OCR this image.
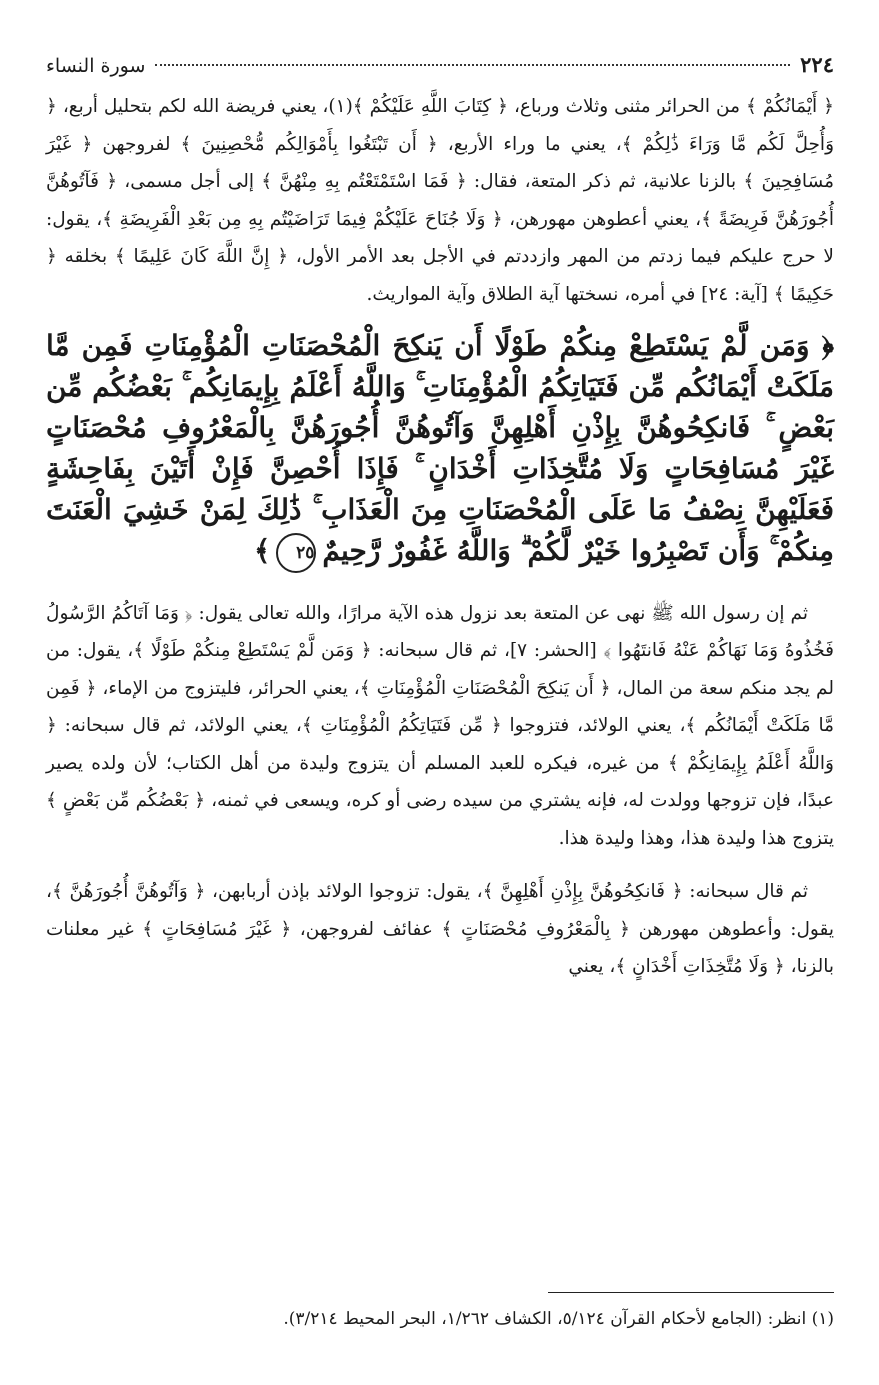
٢٢٤
سورة النساء

﴿ أَيْمَانُكُمْ ﴾ من الحرائر مثنى وثلاث ورباع، ﴿ كِتَابَ اللَّهِ عَلَيْكُمْ ﴾(١)، يعني فريضة الله لكم بتحليل أربع، ﴿ وَأُحِلَّ لَكُم مَّا وَرَاءَ ذَٰلِكُمْ ﴾، يعني ما وراء الأربع، ﴿ أَن تَبْتَغُوا بِأَمْوَالِكُم مُّحْصِنِينَ ﴾ لفروجهن ﴿ غَيْرَ مُسَافِحِينَ ﴾ بالزنا علانية، ثم ذكر المتعة، فقال: ﴿ فَمَا اسْتَمْتَعْتُم بِهِ مِنْهُنَّ ﴾ إلى أجل مسمى، ﴿ فَآتُوهُنَّ أُجُورَهُنَّ فَرِيضَةً ﴾، يعني أعطوهن مهورهن، ﴿ وَلَا جُنَاحَ عَلَيْكُمْ فِيمَا تَرَاضَيْتُم بِهِ مِن بَعْدِ الْفَرِيضَةِ ﴾، يقول: لا حرج عليكم فيما زدتم من المهر وازددتم في الأجل بعد الأمر الأول، ﴿ إِنَّ اللَّهَ كَانَ عَلِيمًا ﴾ بخلقه ﴿ حَكِيمًا ﴾ [آية: ٢٤] في أمره، نسختها آية الطلاق وآية المواريث.

﴿ وَمَن لَّمْ يَسْتَطِعْ مِنكُمْ طَوْلًا أَن يَنكِحَ الْمُحْصَنَاتِ الْمُؤْمِنَاتِ فَمِن مَّا مَلَكَتْ أَيْمَانُكُم مِّن فَتَيَاتِكُمُ الْمُؤْمِنَاتِ ۚ وَاللَّهُ أَعْلَمُ بِإِيمَانِكُم ۚ بَعْضُكُم مِّن بَعْضٍ ۚ فَانكِحُوهُنَّ بِإِذْنِ أَهْلِهِنَّ وَآتُوهُنَّ أُجُورَهُنَّ بِالْمَعْرُوفِ مُحْصَنَاتٍ غَيْرَ مُسَافِحَاتٍ وَلَا مُتَّخِذَاتِ أَخْدَانٍ ۚ فَإِذَا أُحْصِنَّ فَإِنْ أَتَيْنَ بِفَاحِشَةٍ فَعَلَيْهِنَّ نِصْفُ مَا عَلَى الْمُحْصَنَاتِ مِنَ الْعَذَابِ ۚ ذَٰلِكَ لِمَنْ خَشِيَ الْعَنَتَ مِنكُمْ ۚ وَأَن تَصْبِرُوا خَيْرٌ لَّكُمْ ۗ وَاللَّهُ غَفُورٌ رَّحِيمٌ٢٥﴾

ثم إن رسول الله ﷺ نهى عن المتعة بعد نزول هذه الآية مرارًا، والله تعالى يقول: ﴿ وَمَا آتَاكُمُ الرَّسُولُ فَخُذُوهُ وَمَا نَهَاكُمْ عَنْهُ فَانتَهُوا ﴾ [الحشر: ٧]، ثم قال سبحانه: ﴿ وَمَن لَّمْ يَسْتَطِعْ مِنكُمْ طَوْلًا ﴾، يقول: من لم يجد منكم سعة من المال، ﴿ أَن يَنكِحَ الْمُحْصَنَاتِ الْمُؤْمِنَاتِ ﴾، يعني الحرائر، فليتزوج من الإماء، ﴿ فَمِن مَّا مَلَكَتْ أَيْمَانُكُم ﴾، يعني الولائد، فتزوجوا ﴿ مِّن فَتَيَاتِكُمُ الْمُؤْمِنَاتِ ﴾، يعني الولائد، ثم قال سبحانه: ﴿ وَاللَّهُ أَعْلَمُ بِإِيمَانِكُمْ ﴾ من غيره، فيكره للعبد المسلم أن يتزوج وليدة من أهل الكتاب؛ لأن ولده يصير عبدًا، فإن تزوجها وولدت له، فإنه يشتري من سيده رضى أو كره، ويسعى في ثمنه، ﴿ بَعْضُكُم مِّن بَعْضٍ ﴾ يتزوج هذا وليدة هذا، وهذا وليدة هذا.

ثم قال سبحانه: ﴿ فَانكِحُوهُنَّ بِإِذْنِ أَهْلِهِنَّ ﴾، يقول: تزوجوا الولائد بإذن أربابهن، ﴿ وَآتُوهُنَّ أُجُورَهُنَّ ﴾، يقول: وأعطوهن مهورهن ﴿ بِالْمَعْرُوفِ مُحْصَنَاتٍ ﴾ عفائف لفروجهن، ﴿ غَيْرَ مُسَافِحَاتٍ ﴾ غير معلنات بالزنا، ﴿ وَلَا مُتَّخِذَاتِ أَخْدَانٍ ﴾، يعني

(١) انظر: (الجامع لأحكام القرآن ٥/١٢٤، الكشاف ١/٢٦٢، البحر المحيط ٣/٢١٤).
